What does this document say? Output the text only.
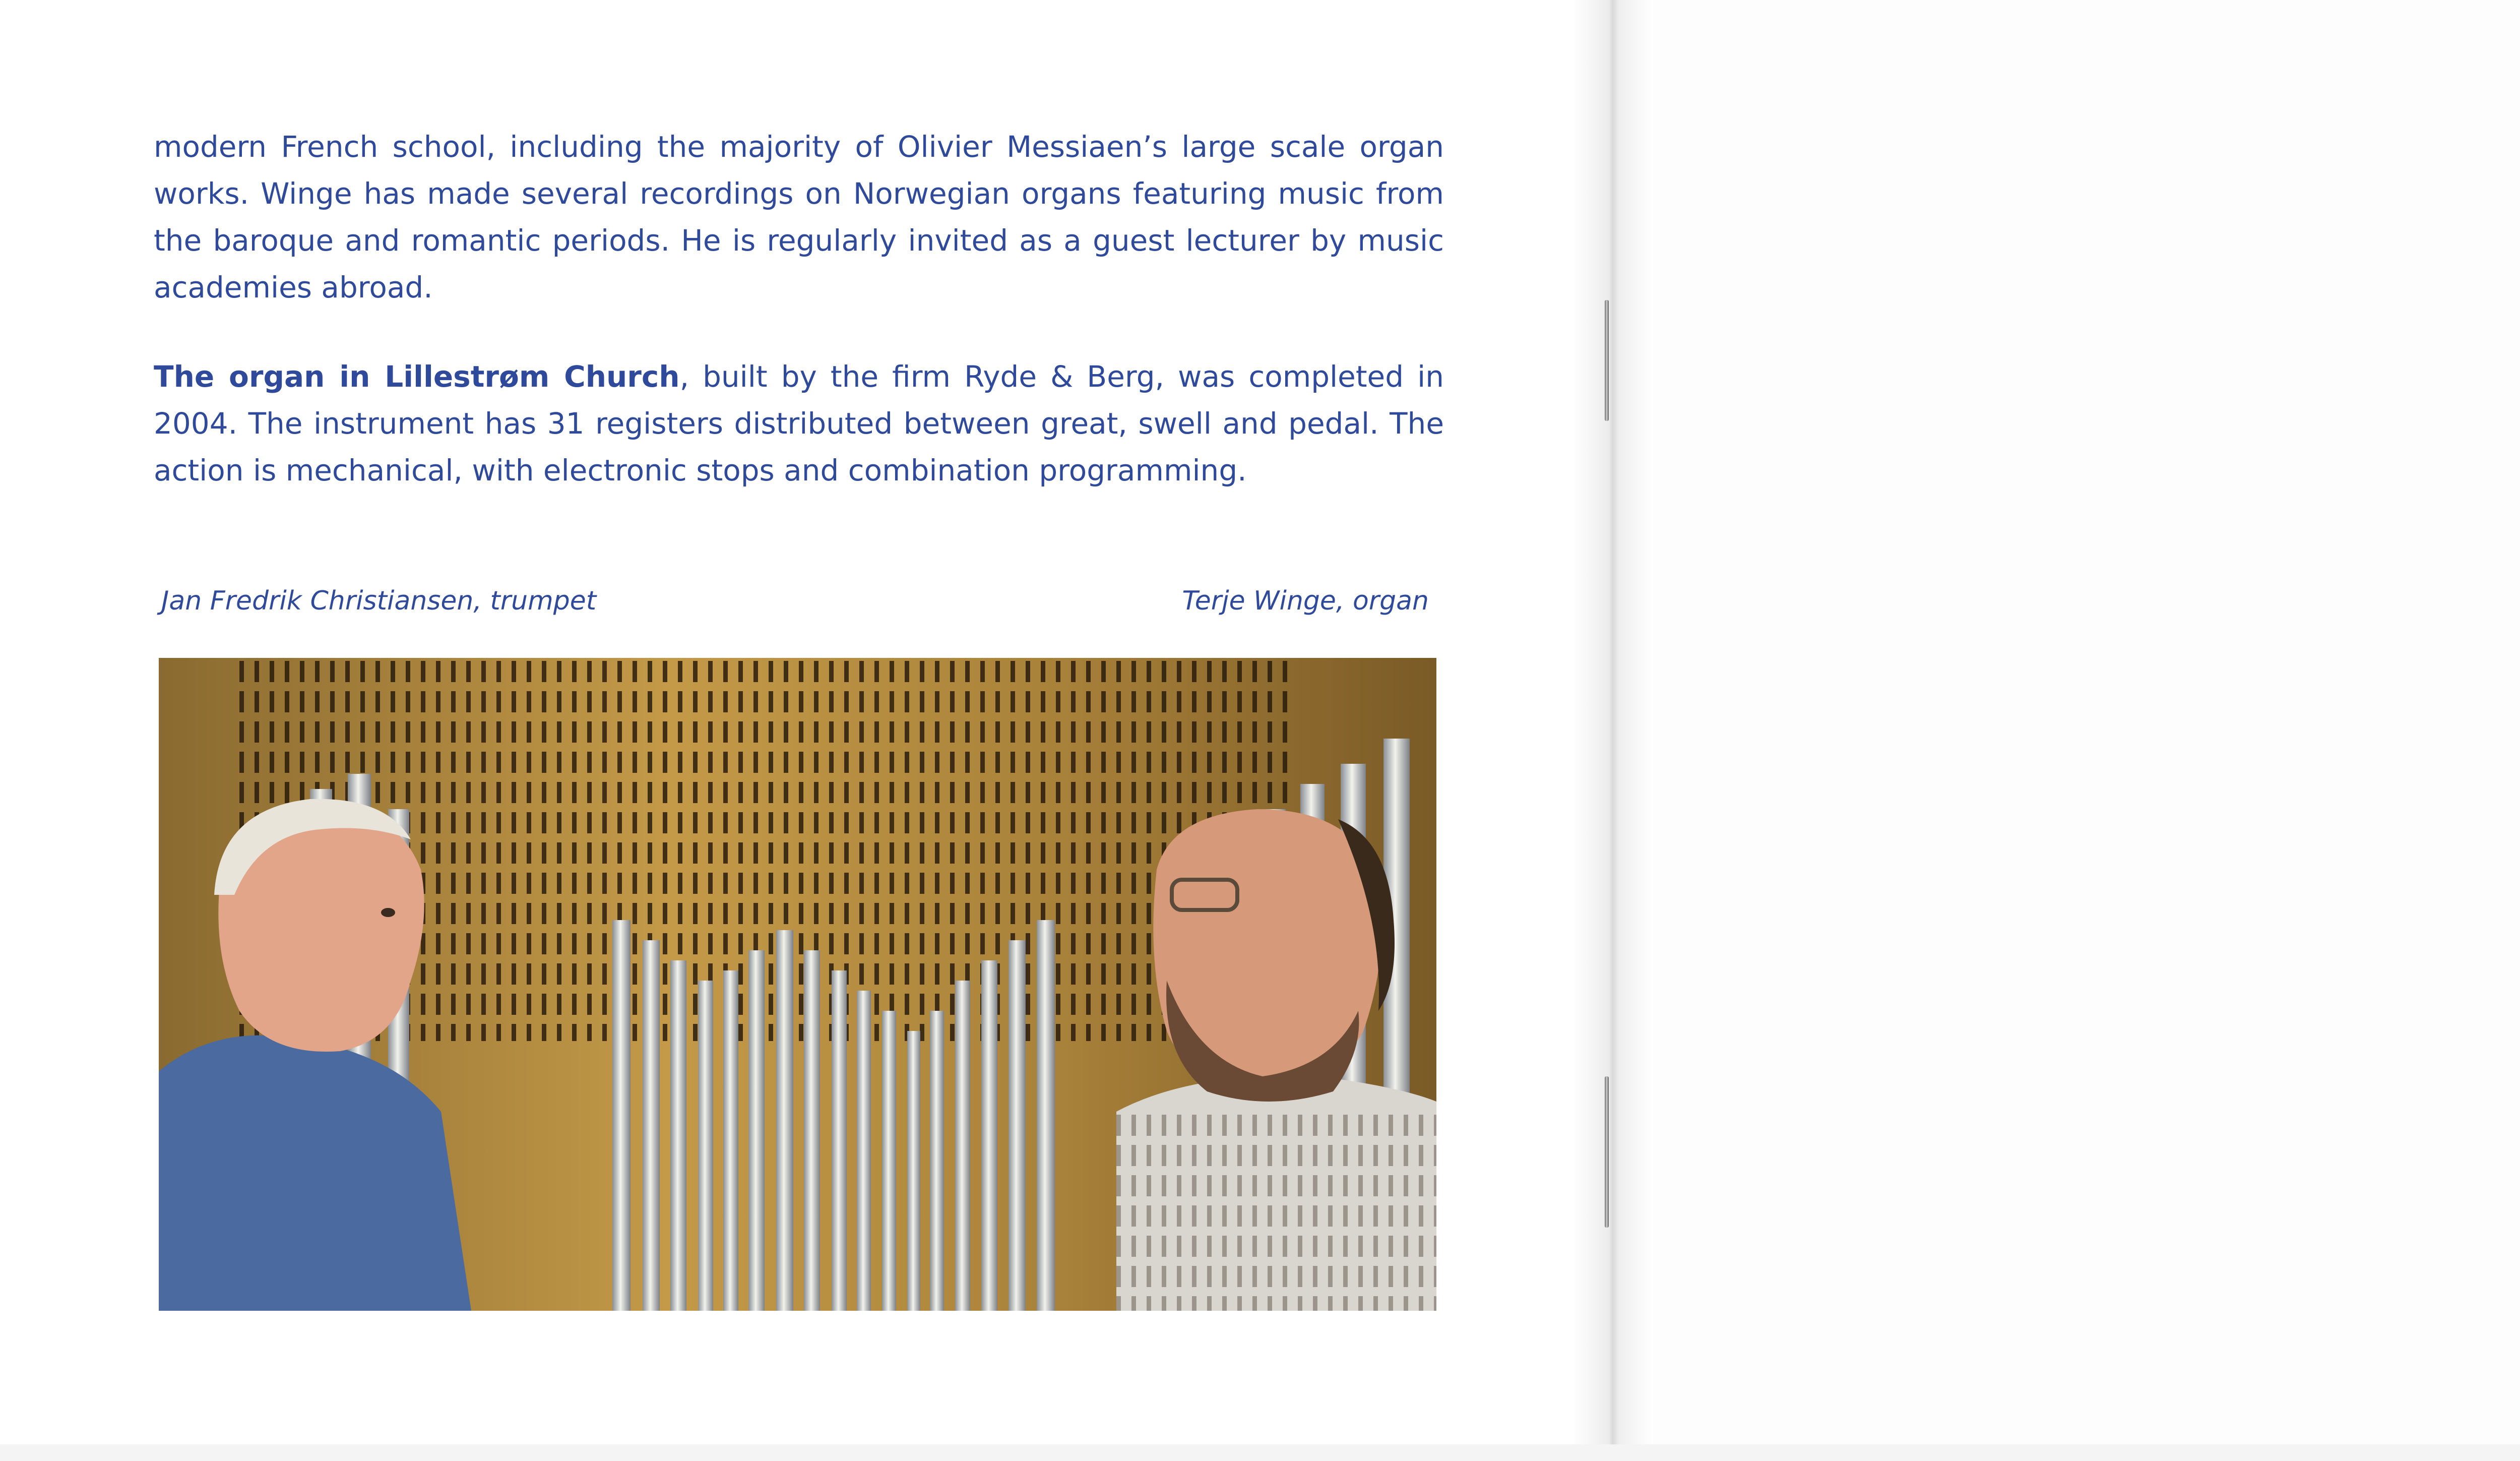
modern French school, including the majority of Olivier Messiaen’s large scale organ works. Winge has made several recordings on Norwegian organs featuring music from the baroque and romantic periods. He is regularly invited as a guest lecturer by music academies abroad.

The organ in Lillestrøm Church, built by the firm Ryde & Berg, was completed in 2004. The instrument has 31 registers distributed between great, swell and pedal. The action is mechanical, with electronic stops and combination programming.

Jan Fredrik Christiansen, trumpet	Terje Winge, organ
